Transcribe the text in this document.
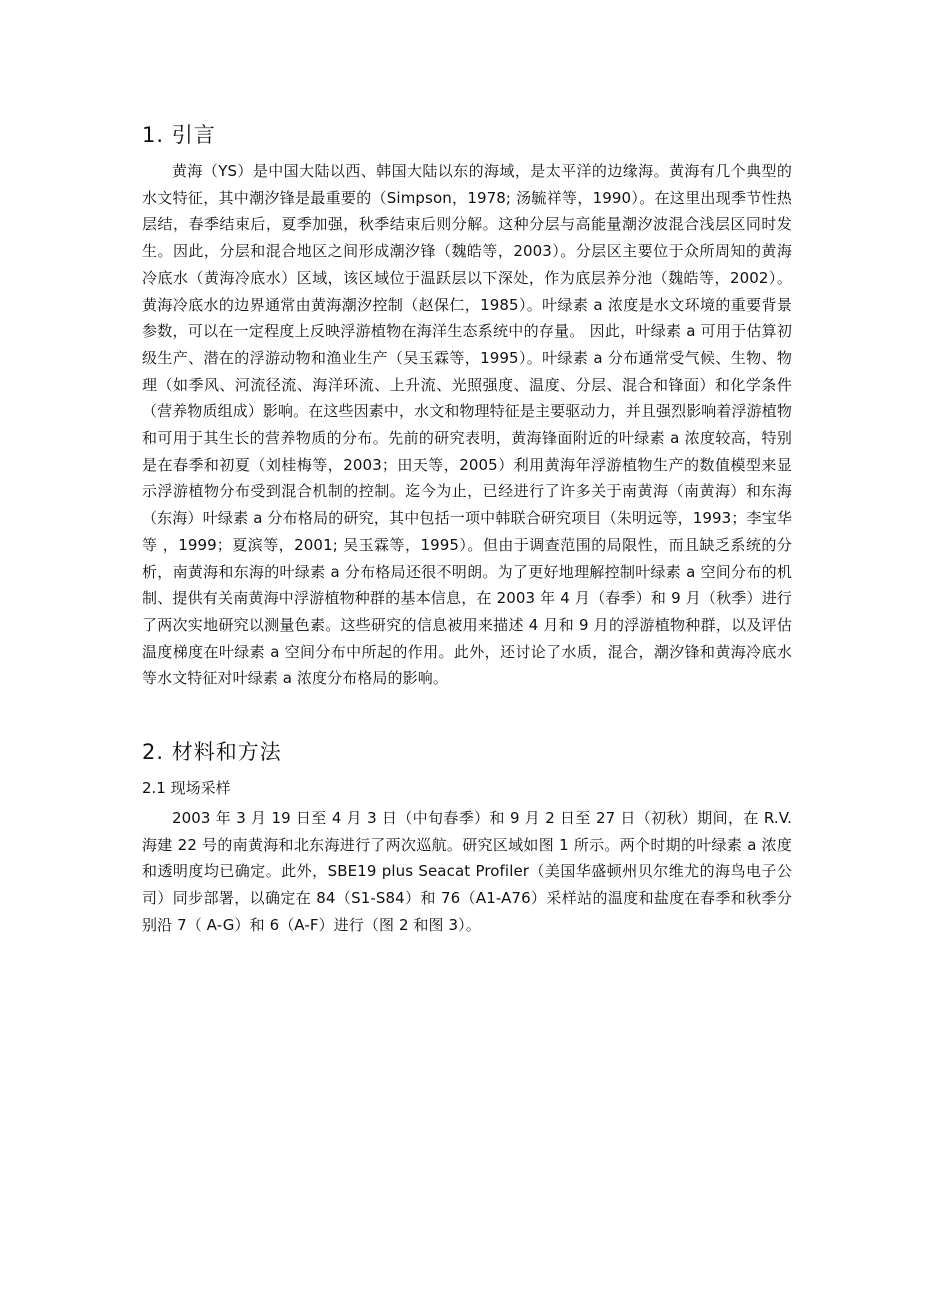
1. 引言

黄海（YS）是中国大陆以西、韩国大陆以东的海域，是太平洋的边缘海。黄海有几个典型的水文特征，其中潮汐锋是最重要的（Simpson，1978; 汤毓祥等，1990）。在这里出现季节性热层结，春季结束后，夏季加强，秋季结束后则分解。这种分层与高能量潮汐波混合浅层区同时发生。因此，分层和混合地区之间形成潮汐锋（魏皓等，2003）。分层区主要位于众所周知的黄海冷底水（黄海冷底水）区域，该区域位于温跃层以下深处，作为底层养分池（魏皓等，2002）。黄海冷底水的边界通常由黄海潮汐控制（赵保仁，1985）。叶绿素 a 浓度是水文环境的重要背景参数，可以在一定程度上反映浮游植物在海洋生态系统中的存量。 因此，叶绿素 a 可用于估算初级生产、潜在的浮游动物和渔业生产（吴玉霖等，1995）。叶绿素 a 分布通常受气候、生物、物理（如季风、河流径流、海洋环流、上升流、光照强度、温度、分层、混合和锋面）和化学条件（营养物质组成）影响。在这些因素中，水文和物理特征是主要驱动力，并且强烈影响着浮游植物和可用于其生长的营养物质的分布。先前的研究表明，黄海锋面附近的叶绿素 a 浓度较高，特别是在春季和初夏（刘桂梅等，2003；田天等，2005）利用黄海年浮游植物生产的数值模型来显示浮游植物分布受到混合机制的控制。迄今为止，已经进行了许多关于南黄海（南黄海）和东海（东海）叶绿素 a 分布格局的研究，其中包括一项中韩联合研究项目（朱明远等，1993；李宝华等 ，1999；夏滨等，2001; 吴玉霖等，1995）。但由于调查范围的局限性，而且缺乏系统的分析，南黄海和东海的叶绿素 a 分布格局还很不明朗。为了更好地理解控制叶绿素 a 空间分布的机制、提供有关南黄海中浮游植物种群的基本信息，在 2003 年 4 月（春季）和 9 月（秋季）进行了两次实地研究以测量色素。这些研究的信息被用来描述 4 月和 9 月的浮游植物种群，以及评估温度梯度在叶绿素 a 空间分布中所起的作用。此外，还讨论了水质，混合，潮汐锋和黄海冷底水等水文特征对叶绿素 a 浓度分布格局的影响。

2. 材料和方法
2.1 现场采样

2003 年 3 月 19 日至 4 月 3 日（中旬春季）和 9 月 2 日至 27 日（初秋）期间，在 R.V. 海建 22 号的南黄海和北东海进行了两次巡航。研究区域如图 1 所示。两个时期的叶绿素 a 浓度和透明度均已确定。此外，SBE19 plus Seacat Profiler（美国华盛顿州贝尔维尤的海鸟电子公司）同步部署，以确定在 84（S1-S84）和 76（A1-A76）采样站的温度和盐度在春季和秋季分别沿 7（ A-G）和 6（A-F）进行（图 2 和图 3）。
